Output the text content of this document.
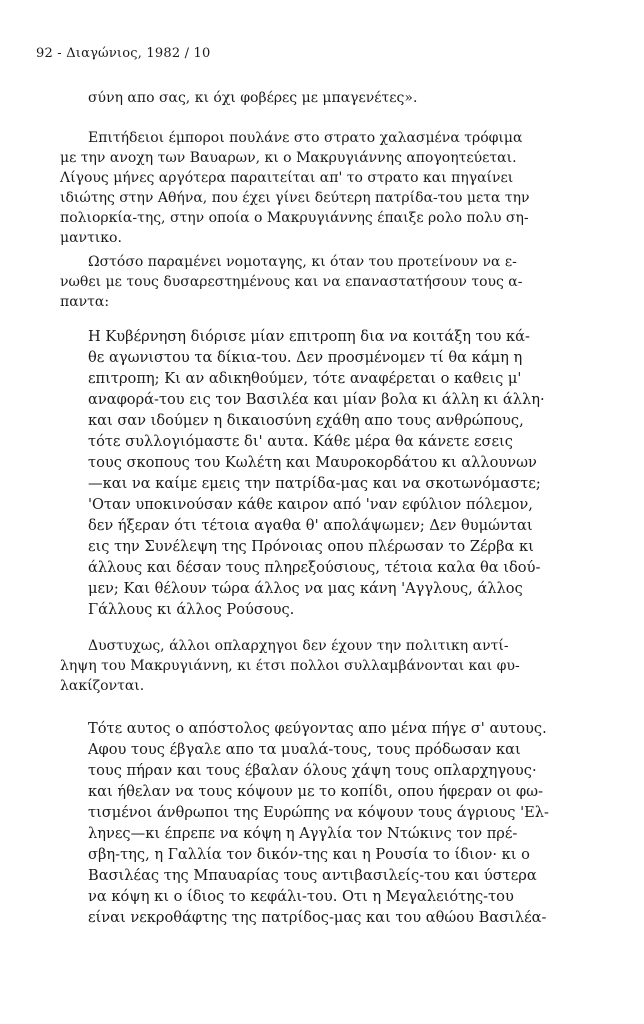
92 - Διαγώνιος, 1982 / 10
σύνη απο σας, κι όχι φοβέρες με μπαγενέτες».
Επιτήδειοι έμποροι πουλάνε στο στρατο χαλασμένα τρόφιμα
με την ανοχη των Βαυαρων, κι ο Μακρυγιάννης απογοητεύεται.
Λίγους μήνες αργότερα παραιτείται απ' το στρατο και πηγαίνει
ιδιώτης στην Αθήνα, που έχει γίνει δεύτερη πατρίδα-του μετα την
πολιορκία-της, στην οποία ο Μακρυγιάννης έπαιξε ρολο πολυ ση-
μαντικο.
Ωστόσο παραμένει νομοταγης, κι όταν του προτείνουν να ε-
νωθει με τους δυσαρεστημένους και να επαναστατήσουν τους α-
παντα:
Η Κυβέρνηση διόρισε μίαν επιτροπη δια να κοιτάξη του κά-
θε αγωνιστου τα δίκια-του. Δεν προσμένομεν τί θα κάμη η
επιτροπη; Κι αν αδικηθούμεν, τότε αναφέρεται ο καθεις μ'
αναφορά-του εις τον Βασιλέα και μίαν βολα κι άλλη κι άλλη·
και σαν ιδούμεν η δικαιοσύνη εχάθη απο τους ανθρώπους,
τότε συλλογιόμαστε δι' αυτα. Κάθε μέρα θα κάνετε εσεις
τους σκοπους του Κωλέτη και Μαυροκορδάτου κι αλλουνων
—και να καίμε εμεις την πατρίδα-μας και να σκοτωνόμαστε;
'Οταν υποκινούσαν κάθε καιρον από 'ναν εφύλιον πόλεμον,
δεν ήξεραν ότι τέτοια αγαθα θ' απολάψωμεν; Δεν θυμώνται
εις την Συνέλεψη της Πρόνοιας οπου πλέρωσαν το Ζέρβα κι
άλλους και δέσαν τους πληρεξούσιους, τέτοια καλα θα ιδού-
μεν; Και θέλουν τώρα άλλος να μας κάνη 'Αγγλους, άλλος
Γάλλους κι άλλος Ρούσους.
Δυστυχως, άλλοι οπλαρχηγοι δεν έχουν την πολιτικη αντί-
ληψη του Μακρυγιάννη, κι έτσι πολλοι συλλαμβάνονται και φυ-
λακίζονται.
Τότε αυτος ο απόστολος φεύγοντας απο μένα πήγε σ' αυτους.
Αφου τους έβγαλε απο τα μυαλά-τους, τους πρόδωσαν και
τους πήραν και τους έβαλαν όλους χάψη τους οπλαρχηγους·
και ήθελαν να τους κόψουν με το κοπίδι, οπου ήφεραν οι φω-
τισμένοι άνθρωποι της Ευρώπης να κόψουν τους άγριους 'Ελ-
ληνες—κι έπρεπε να κόψη η Αγγλία τον Ντώκινς τον πρέ-
σβη-της, η Γαλλία τον δικόν-της και η Ρουσία το ίδιον· κι ο
Βασιλέας της Μπαυαρίας τους αντιβασιλείς-του και ύστερα
να κόψη κι ο ίδιος το κεφάλι-του. Οτι η Μεγαλειότης-του
είναι νεκροθάφτης της πατρίδος-μας και του αθώου Βασιλέα-
